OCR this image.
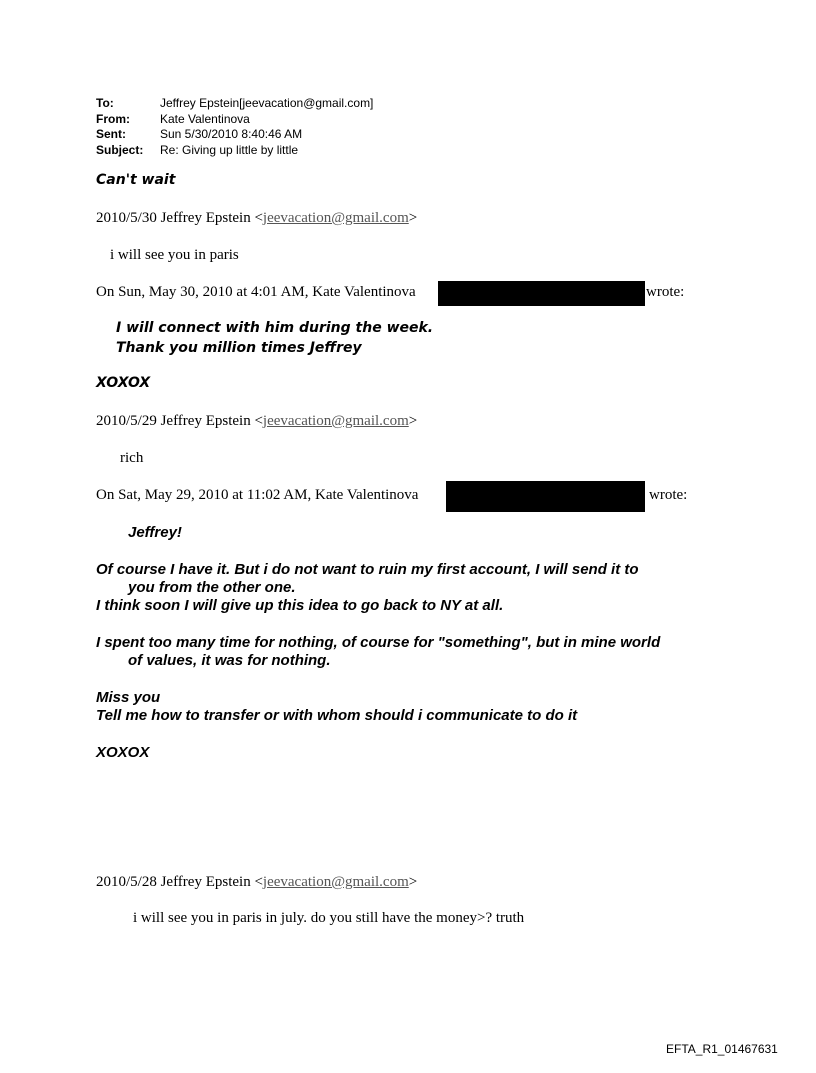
To:	Jeffrey Epstein[jeevacation@gmail.com]
From:	Kate Valentinova
Sent:	Sun 5/30/2010 8:40:46 AM
Subject:	Re: Giving up little by little
Can't wait
2010/5/30 Jeffrey Epstein <jeevacation@gmail.com>
i will see you in paris
On Sun, May 30, 2010 at 4:01 AM, Kate Valentinova	wrote:
I will connect with him during the week.
Thank you million times Jeffrey
XOXOX
2010/5/29 Jeffrey Epstein <jeevacation@gmail.com>
rich
On Sat, May 29, 2010 at 11:02 AM, Kate Valentinova	wrote:
Jeffrey!
Of course I have it. But i do not want to ruin my first account, I will send it to
you from the other one.
I think soon I will give up this idea to go back to NY at all.
I spent too many time for nothing, of course for "something", but in mine world
of values, it was for nothing.
Miss you
Tell me how to transfer or with whom should i communicate to do it
XOXOX
2010/5/28 Jeffrey Epstein <jeevacation@gmail.com>
i will see you in paris in july. do you still have the money>? truth
EFTA_R1_01467631
